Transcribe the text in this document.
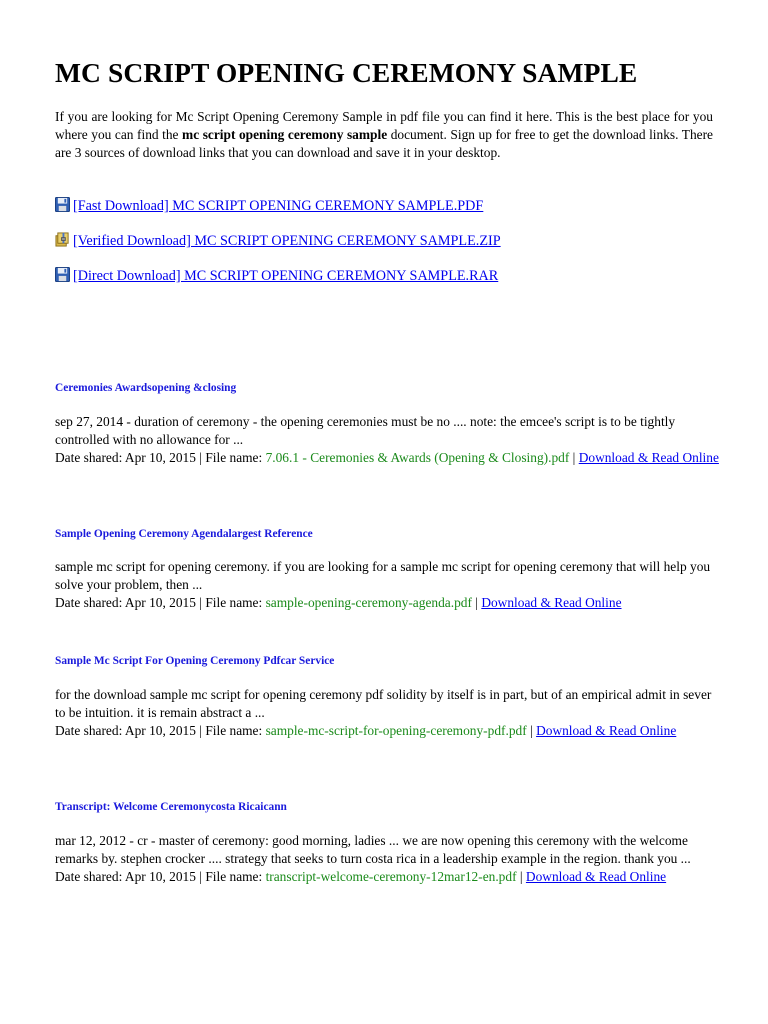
MC SCRIPT OPENING CEREMONY SAMPLE

If you are looking for Mc Script Opening Ceremony Sample in pdf file you can find it here. This is the best place for you where you can find the mc script opening ceremony sample document. Sign up for free to get the download links. There are 3 sources of download links that you can download and save it in your desktop.

[Fast Download] MC SCRIPT OPENING CEREMONY SAMPLE.PDF
[Verified Download] MC SCRIPT OPENING CEREMONY SAMPLE.ZIP
[Direct Download] MC SCRIPT OPENING CEREMONY SAMPLE.RAR

Ceremonies Awardsopening &closing

sep 27, 2014 - duration of ceremony - the opening ceremonies must be no .... note: the emcee's script is to be tightly controlled with no allowance for ...
Date shared: Apr 10, 2015 | File name: 7.06.1 - Ceremonies & Awards (Opening & Closing).pdf | Download & Read Online

Sample Opening Ceremony Agendalargest Reference

sample mc script for opening ceremony. if you are looking for a sample mc script for opening ceremony that will help you solve your problem, then ...
Date shared: Apr 10, 2015 | File name: sample-opening-ceremony-agenda.pdf | Download & Read Online

Sample Mc Script For Opening Ceremony Pdfcar Service

for the download sample mc script for opening ceremony pdf solidity by itself is in part, but of an empirical admit in sever to be intuition. it is remain abstract a ...
Date shared: Apr 10, 2015 | File name: sample-mc-script-for-opening-ceremony-pdf.pdf | Download & Read Online

Transcript: Welcome Ceremonycosta Ricaicann

mar 12, 2012 - cr - master of ceremony: good morning, ladies ... we are now opening this ceremony with the welcome remarks by. stephen crocker .... strategy that seeks to turn costa rica in a leadership example in the region. thank you ...
Date shared: Apr 10, 2015 | File name: transcript-welcome-ceremony-12mar12-en.pdf | Download & Read Online
